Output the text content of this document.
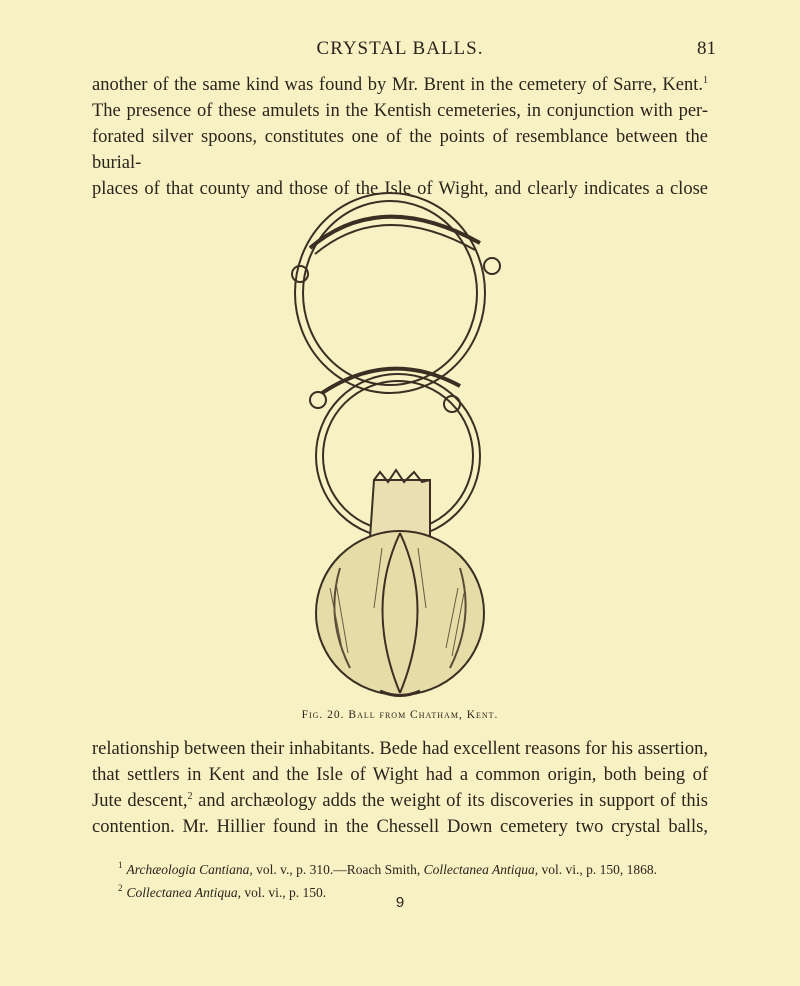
CRYSTAL BALLS.	81

another of the same kind was found by Mr. Brent in the cemetery of Sarre, Kent.$^1$

The presence of these amulets in the Kentish cemeteries, in conjunction with per-

forated silver spoons, constitutes one of the points of resemblance between the burial-

places of that county and those of the Isle of Wight, and clearly indicates a close

Fig. 20. Ball from Chatham, Kent.

relationship between their inhabitants. Bede had excellent reasons for his assertion,

that settlers in Kent and the Isle of Wight had a common origin, both being of

Jute descent,$^2$ and archæology adds the weight of its discoveries in support of this

contention. Mr. Hillier found in the Chessell Down cemetery two crystal balls,

$^1$ Archæologia Cantiana, vol. v., p. 310.—Roach Smith, Collectanea Antiqua, vol. vi., p. 150, 1868.
$^2$ Collectanea Antiqua, vol. vi., p. 150.
9
